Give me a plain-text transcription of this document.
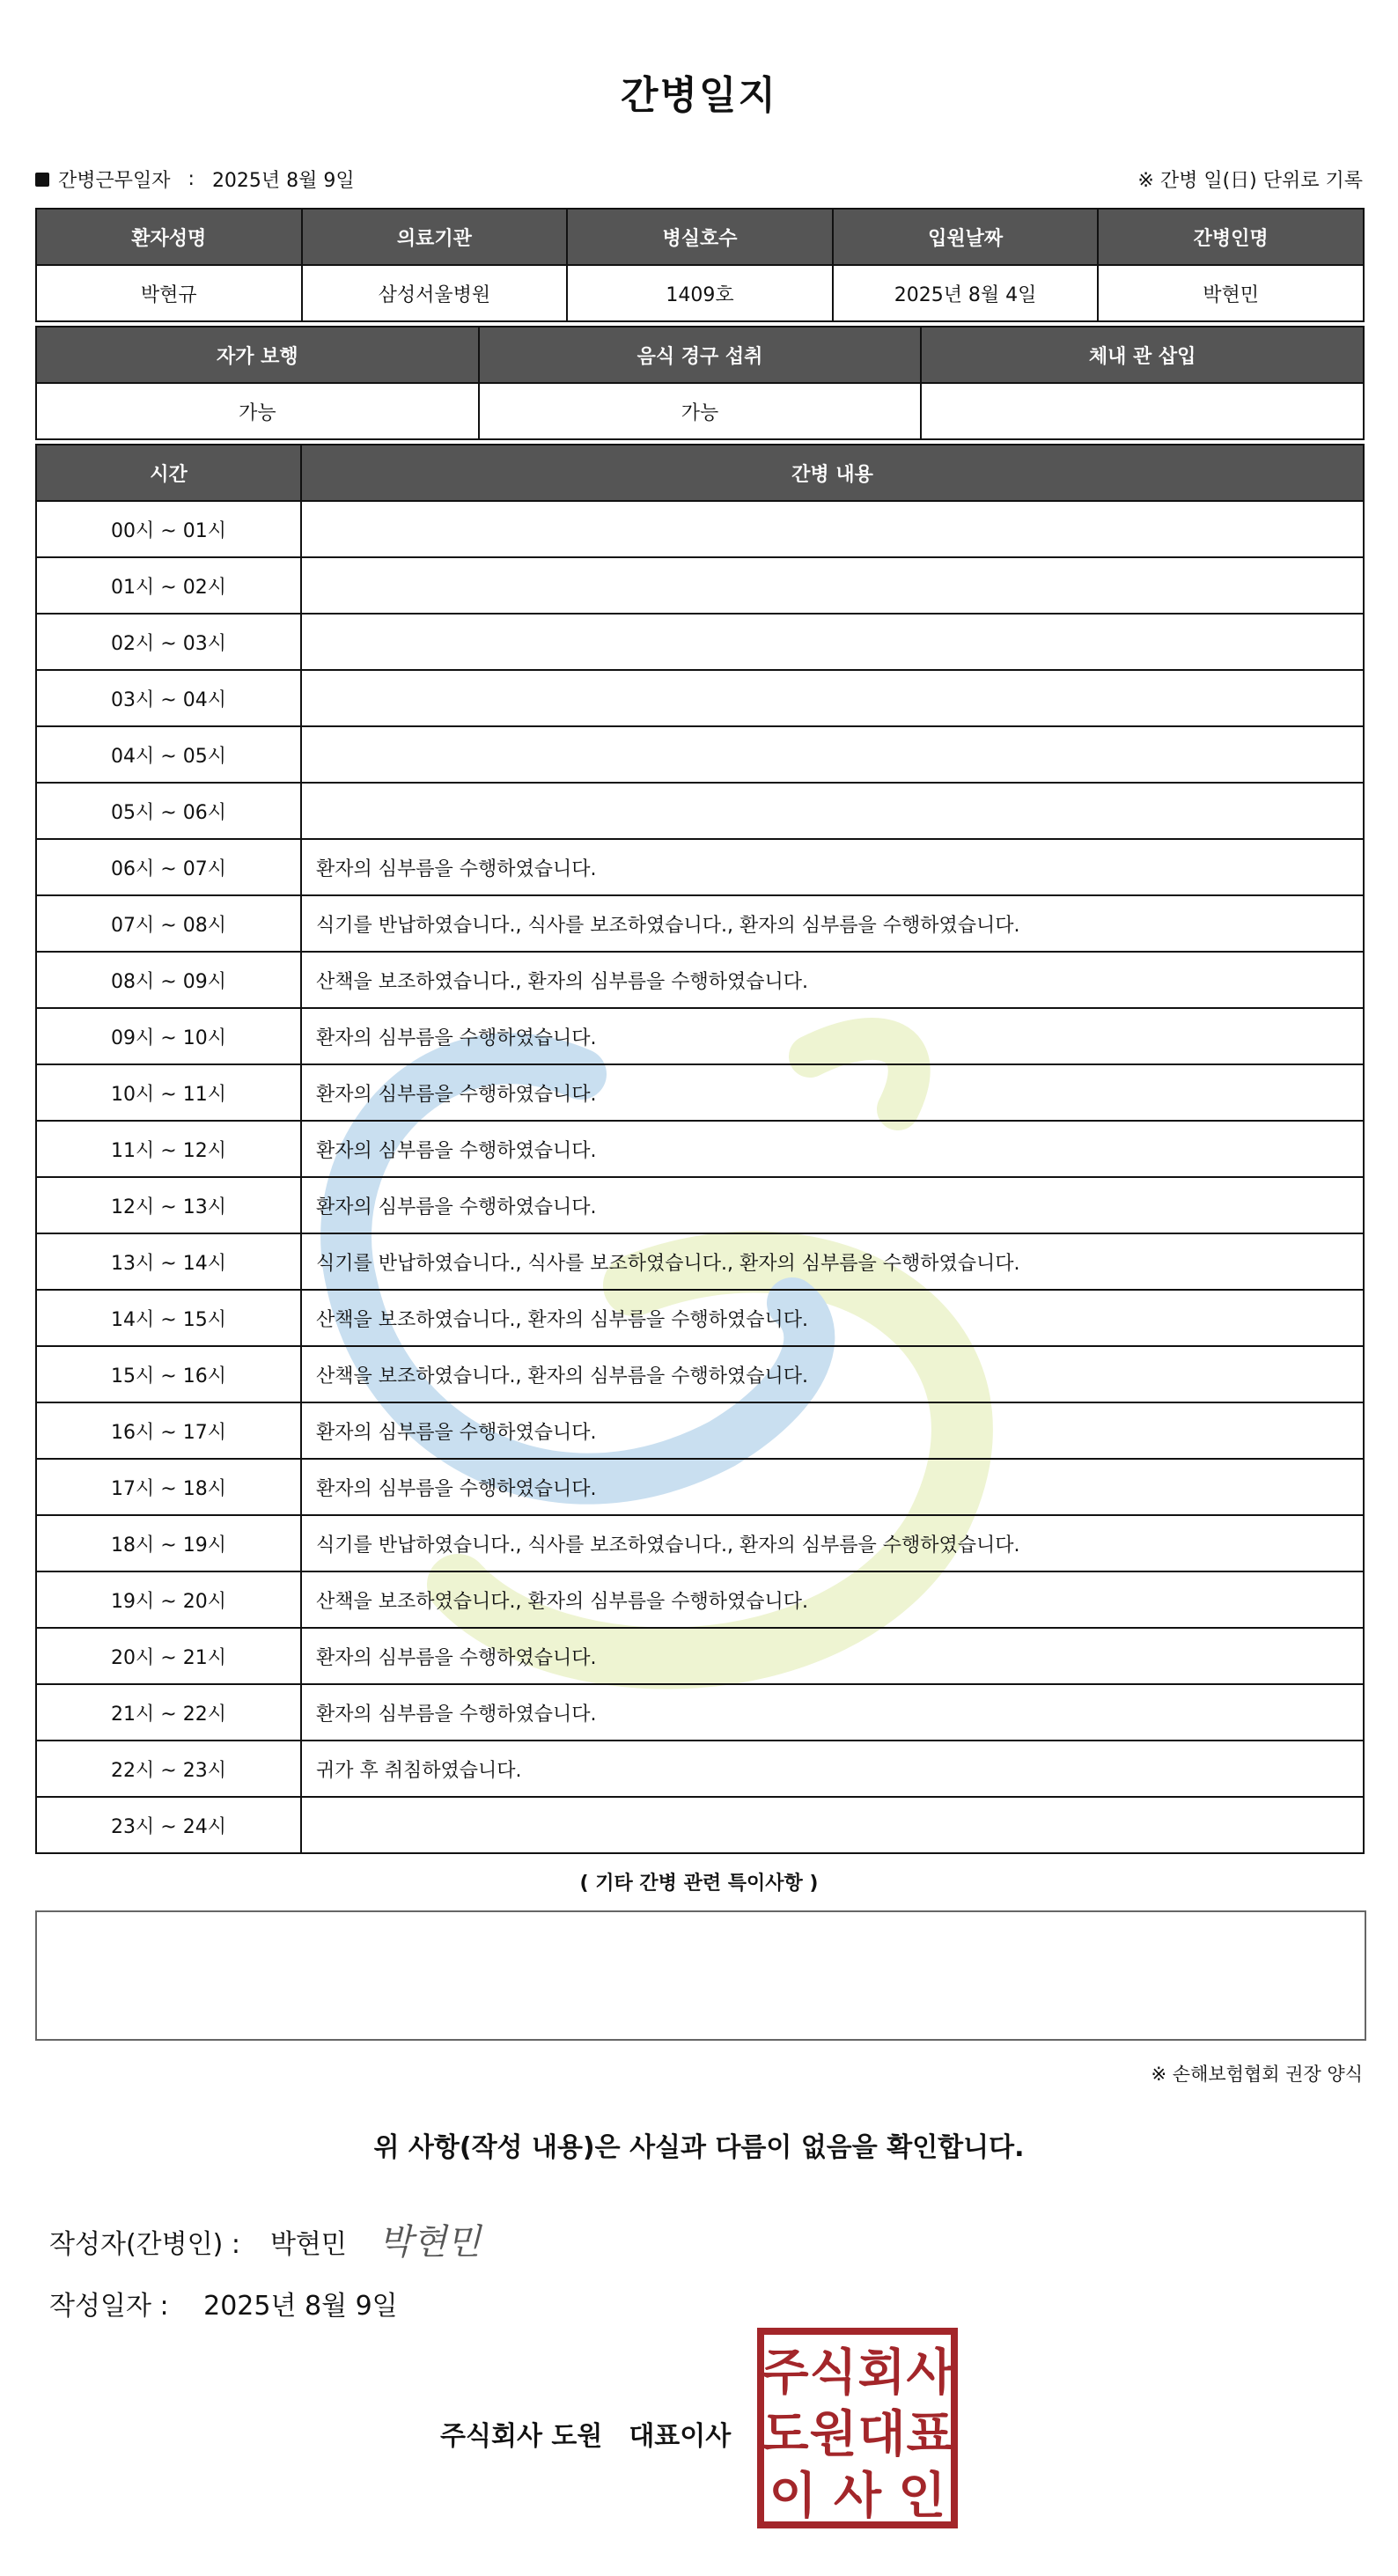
간병일지
간병근무일자 : 2025년 8월 9일	※ 간병 일(日) 단위로 기록
환자성명	의료기관	병실호수	입원날짜	간병인명
박현규	삼성서울병원	1409호	2025년 8월 4일	박현민
자가 보행	음식 경구 섭취	체내 관 삽입
가능	가능	
시간	간병 내용
00시 ~ 01시	
01시 ~ 02시	
02시 ~ 03시	
03시 ~ 04시	
04시 ~ 05시	
05시 ~ 06시	
06시 ~ 07시	환자의 심부름을 수행하였습니다.
07시 ~ 08시	식기를 반납하였습니다., 식사를 보조하였습니다., 환자의 심부름을 수행하였습니다.
08시 ~ 09시	산책을 보조하였습니다., 환자의 심부름을 수행하였습니다.
09시 ~ 10시	환자의 심부름을 수행하였습니다.
10시 ~ 11시	환자의 심부름을 수행하였습니다.
11시 ~ 12시	환자의 심부름을 수행하였습니다.
12시 ~ 13시	환자의 심부름을 수행하였습니다.
13시 ~ 14시	식기를 반납하였습니다., 식사를 보조하였습니다., 환자의 심부름을 수행하였습니다.
14시 ~ 15시	산책을 보조하였습니다., 환자의 심부름을 수행하였습니다.
15시 ~ 16시	산책을 보조하였습니다., 환자의 심부름을 수행하였습니다.
16시 ~ 17시	환자의 심부름을 수행하였습니다.
17시 ~ 18시	환자의 심부름을 수행하였습니다.
18시 ~ 19시	식기를 반납하였습니다., 식사를 보조하였습니다., 환자의 심부름을 수행하였습니다.
19시 ~ 20시	산책을 보조하였습니다., 환자의 심부름을 수행하였습니다.
20시 ~ 21시	환자의 심부름을 수행하였습니다.
21시 ~ 22시	환자의 심부름을 수행하였습니다.
22시 ~ 23시	귀가 후 취침하였습니다.
23시 ~ 24시	
( 기타 간병 관련 특이사항 )
※ 손해보험협회 권장 양식
위 사항(작성 내용)은 사실과 다름이 없음을 확인합니다.
작성자(간병인) : 박현민 박현민
작성일자 : 2025년 8월 9일
주식회사 도원 대표이사
주 식 회 사
도 원 대 표
이 사 인
